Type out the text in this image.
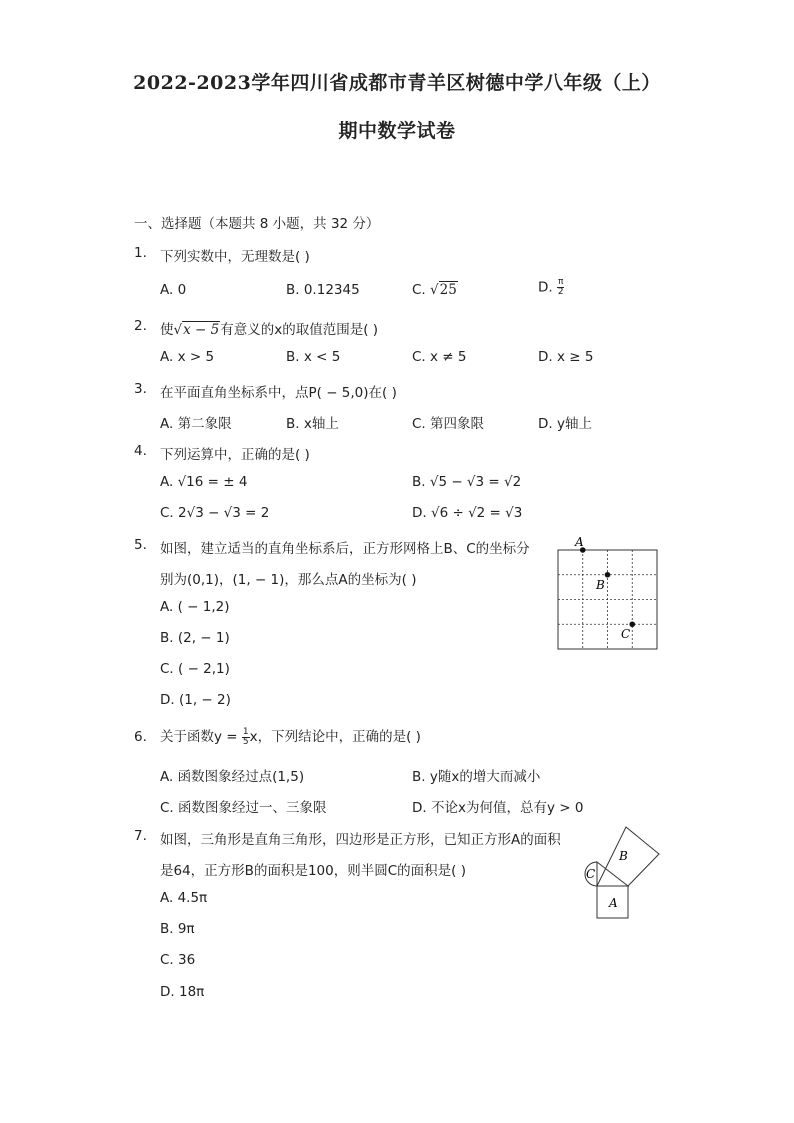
2022-2023学年四川省成都市青羊区树德中学八年级（上）
期中数学试卷
一、选择题（本题共 8 小题，共 32 分）
1. 下列实数中，无理数是( )
A. 0	B. 0.12345	C. √25	D. $\frac{\pi}{2}$
2. 使√x − 5有意义的x的取值范围是( )
A. x > 5	B. x < 5	C. x ≠ 5	D. x ≥ 5
3. 在平面直角坐标系中，点P( − 5,0)在( )
A. 第二象限	B. x轴上	C. 第四象限	D. y轴上
4. 下列运算中，正确的是( )
A. √16 = ± 4	B. √5 − √3 = √2
C. 2√3 − √3 = 2	D. √6 ÷ √2 = √3
5. 如图，建立适当的直角坐标系后，正方形网格上B、C的坐标分
别为(0,1)，(1, − 1)，那么点A的坐标为( )
A. ( − 1,2)
B. (2, − 1)
C. ( − 2,1)
D. (1, − 2)
A
B
C
6. 关于函数$y = \frac{1}{5}$ x，下列结论中，正确的是( )
A. 函数图象经过点(1,5)	B. y随x的增大而减小
C. 函数图象经过一、三象限	D. 不论x为何值，总有y > 0
7. 如图，三角形是直角三角形，四边形是正方形，已知正方形A的面积
是64，正方形B的面积是100，则半圆C的面积是( )
A. 4.5π
B. 9π
C. 36
D. 18π
B
A
C
